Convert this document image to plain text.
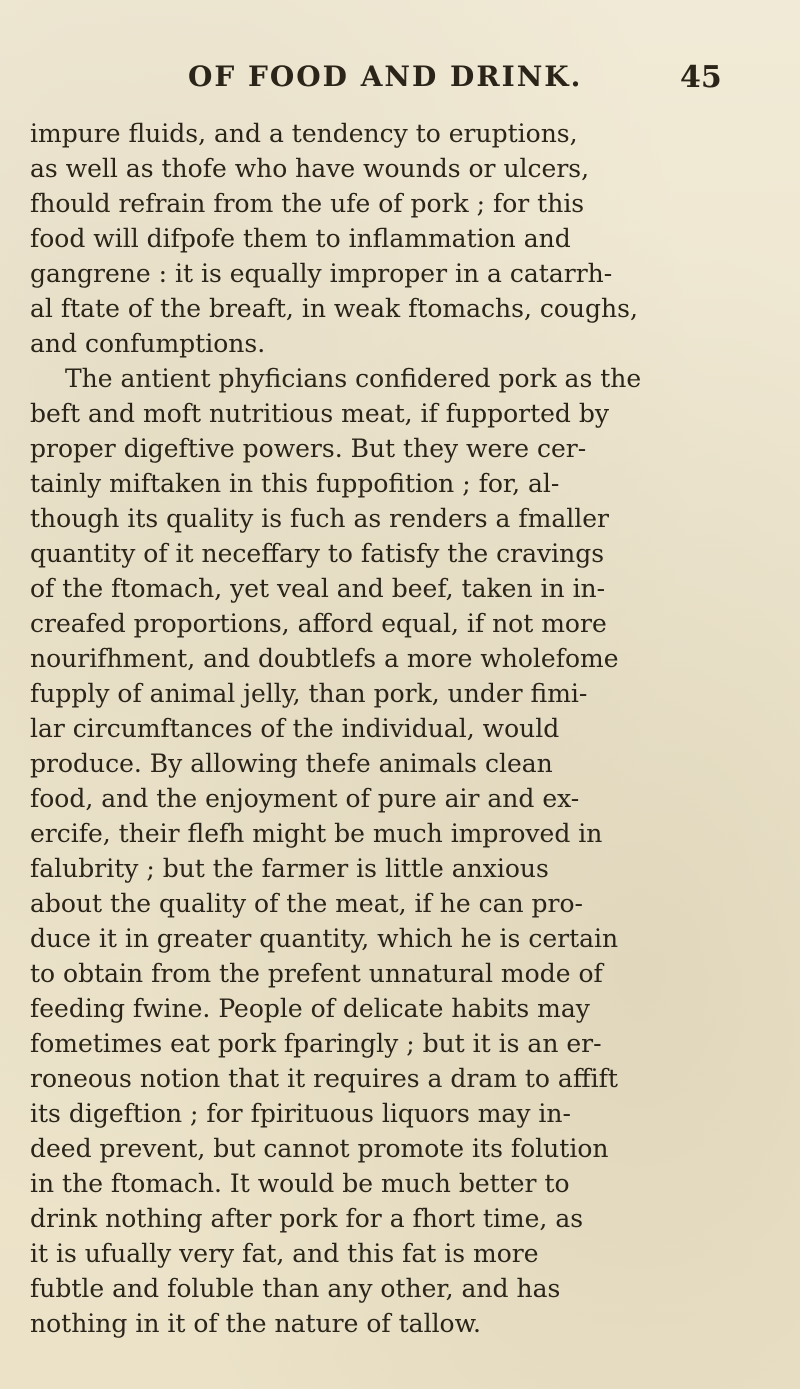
OF FOOD AND DRINK.	45
impure fluids, and a tendency to eruptions,
as well as thofe who have wounds or ulcers,
fhould refrain from the ufe of pork ; for this
food will difpofe them to inflammation and
gangrene : it is equally improper in a catarrh-
al ftate of the breaft, in weak ftomachs, coughs,
and confumptions.
The antient phyficians confidered pork as the
beft and moft nutritious meat, if fupported by
proper digeftive powers. But they were cer-
tainly miftaken in this fuppofition ; for, al-
though its quality is fuch as renders a fmaller
quantity of it neceffary to fatisfy the cravings
of the ftomach, yet veal and beef, taken in in-
creafed proportions, afford equal, if not more
nourifhment, and doubtlefs a more wholefome
fupply of animal jelly, than pork, under fimi-
lar circumftances of the individual, would
produce. By allowing thefe animals clean
food, and the enjoyment of pure air and ex-
ercife, their flefh might be much improved in
falubrity ; but the farmer is little anxious
about the quality of the meat, if he can pro-
duce it in greater quantity, which he is certain
to obtain from the prefent unnatural mode of
feeding fwine. People of delicate habits may
fometimes eat pork fparingly ; but it is an er-
roneous notion that it requires a dram to affift
its digeftion ; for fpirituous liquors may in-
deed prevent, but cannot promote its folution
in the ftomach. It would be much better to
drink nothing after pork for a fhort time, as
it is ufually very fat, and this fat is more
fubtle and foluble than any other, and has
nothing in it of the nature of tallow.
